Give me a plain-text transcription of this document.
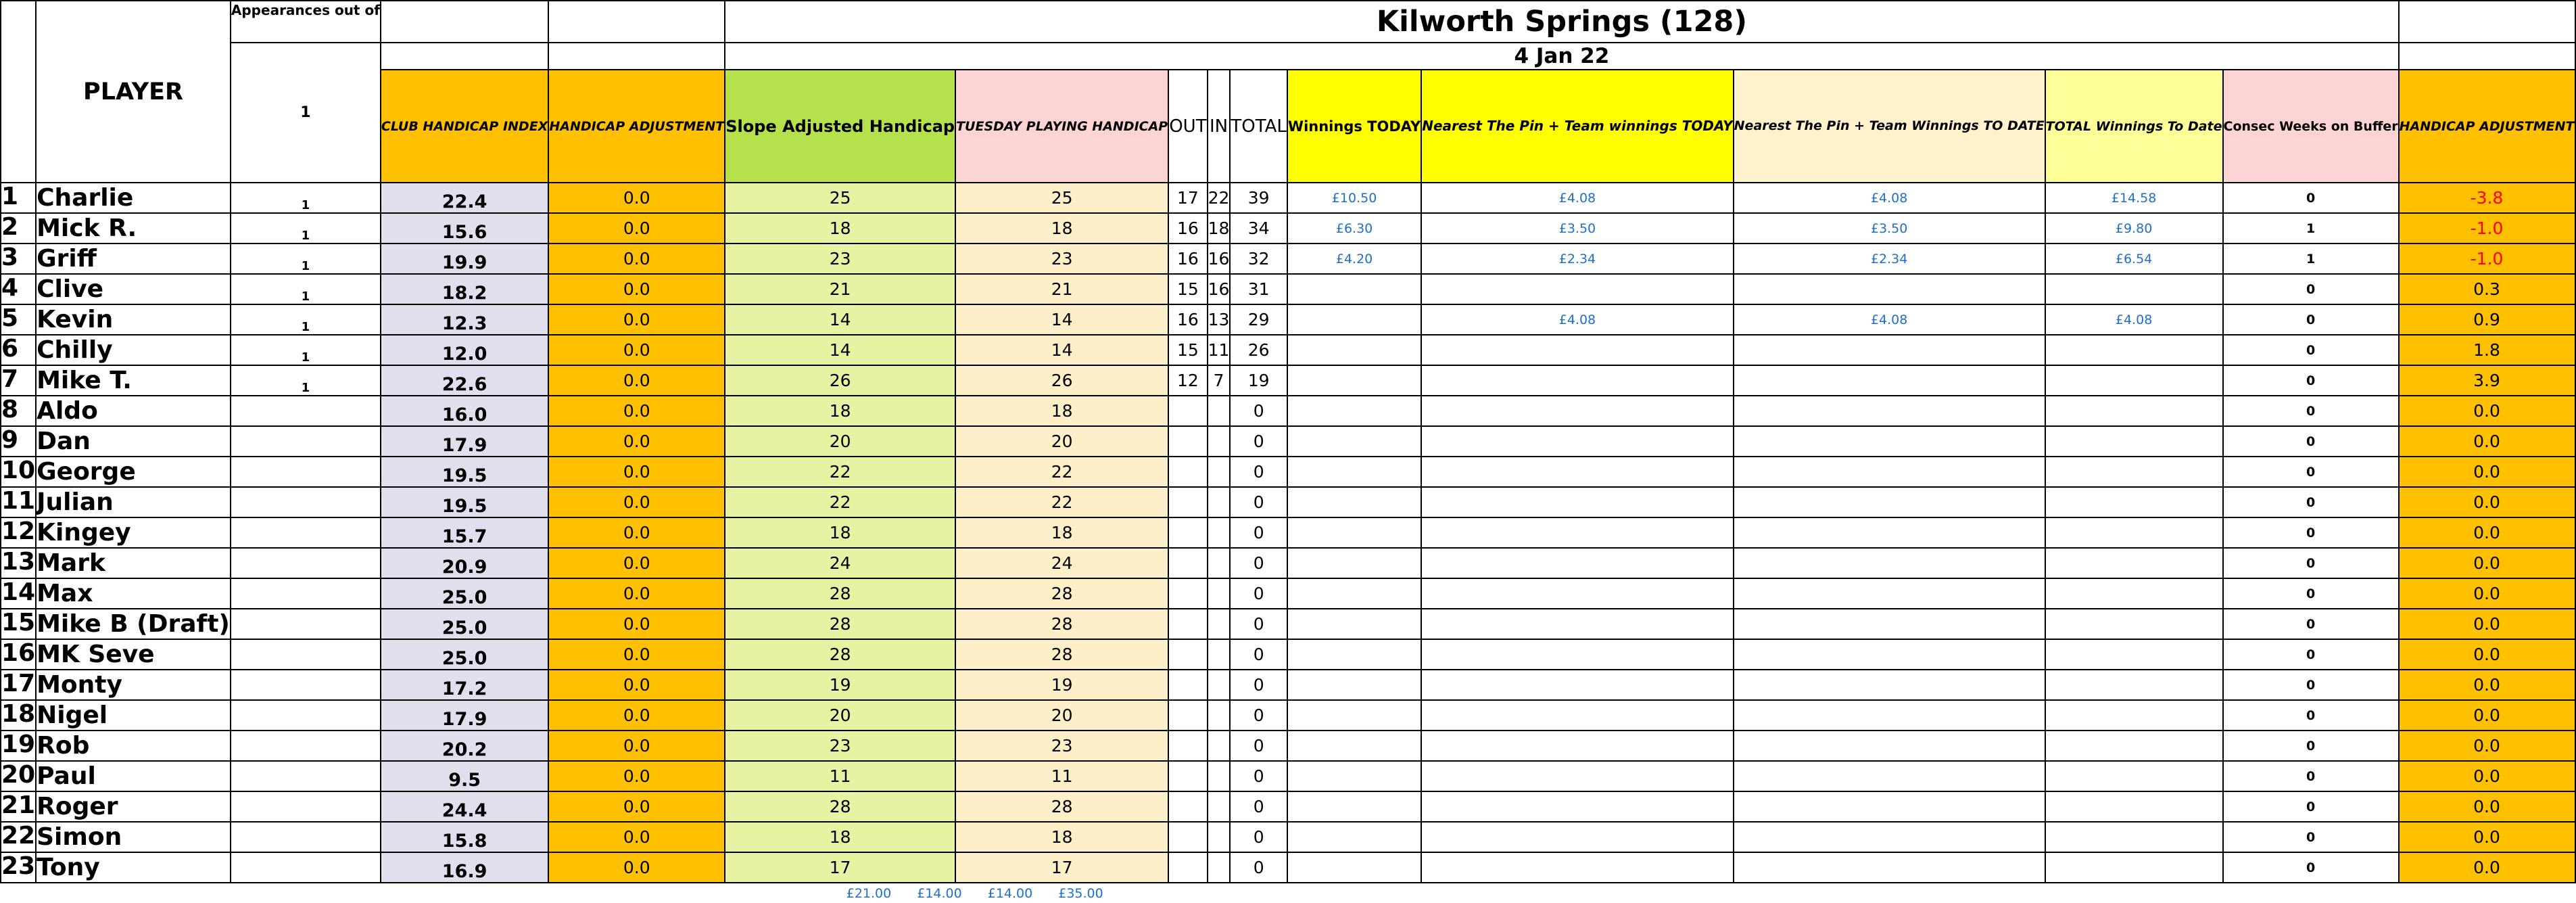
	PLAYER	Appearances out of			Kilworth Springs (128)										
		1			4 Jan 22										
			CLUB HANDICAP INDEX	HANDICAP ADJUSTMENT	Slope Adjusted Handicap	TUESDAY PLAYING HANDICAP	OUT	IN	TOTAL	Winnings TODAY	Nearest The Pin + Team winnings TODAY	Nearest The Pin + Team Winnings TO DATE	TOTAL Winnings To Date	Consec Weeks on Buffer	HANDICAP ADJUSTMENT
1	Charlie	1	22.4	0.0	25	25	17	22	39	£10.50	£4.08	£4.08	£14.58	0	-3.8
2	Mick R.	1	15.6	0.0	18	18	16	18	34	£6.30	£3.50	£3.50	£9.80	1	-1.0
3	Griff	1	19.9	0.0	23	23	16	16	32	£4.20	£2.34	£2.34	£6.54	1	-1.0
4	Clive	1	18.2	0.0	21	21	15	16	31					0	0.3
5	Kevin	1	12.3	0.0	14	14	16	13	29		£4.08	£4.08	£4.08	0	0.9
6	Chilly	1	12.0	0.0	14	14	15	11	26					0	1.8
7	Mike T.	1	22.6	0.0	26	26	12	7	19					0	3.9
8	Aldo		16.0	0.0	18	18			0					0	0.0
9	Dan		17.9	0.0	20	20			0					0	0.0
10	George		19.5	0.0	22	22			0					0	0.0
11	Julian		19.5	0.0	22	22			0					0	0.0
12	Kingey		15.7	0.0	18	18			0					0	0.0
13	Mark		20.9	0.0	24	24			0					0	0.0
14	Max		25.0	0.0	28	28			0					0	0.0
15	Mike B (Draft)		25.0	0.0	28	28			0					0	0.0
16	MK Seve		25.0	0.0	28	28			0					0	0.0
17	Monty		17.2	0.0	19	19			0					0	0.0
18	Nigel		17.9	0.0	20	20			0					0	0.0
19	Rob		20.2	0.0	23	23			0					0	0.0
20	Paul		9.5	0.0	11	11			0					0	0.0
21	Roger		24.4	0.0	28	28			0					0	0.0
22	Simon		15.8	0.0	18	18			0					0	0.0
23	Tony		16.9	0.0	17	17			0					0	0.0
£21.00	£14.00	£14.00	£35.00
